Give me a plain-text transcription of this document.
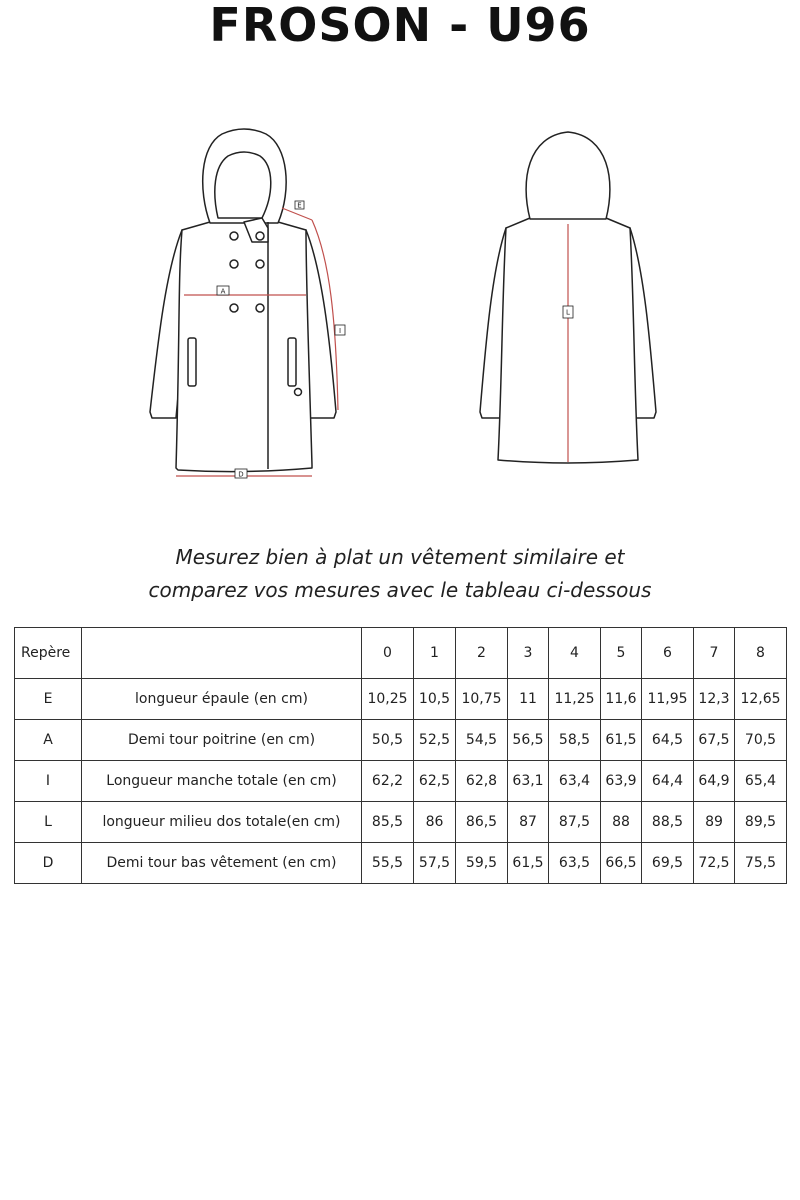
FROSON - U96
E
A
I
D
L
Mesurez bien à plat un vêtement similaire et
comparez vos mesures avec le tableau ci-dessous
Repère		0	1	2	3	4	5	6	7	8
E	longueur épaule (en cm)	10,25	10,5	10,75	11	11,25	11,6	11,95	12,3	12,65
A	Demi tour poitrine (en cm)	50,5	52,5	54,5	56,5	58,5	61,5	64,5	67,5	70,5
I	Longueur manche totale (en cm)	62,2	62,5	62,8	63,1	63,4	63,9	64,4	64,9	65,4
L	longueur milieu dos totale(en cm)	85,5	86	86,5	87	87,5	88	88,5	89	89,5
D	Demi tour bas vêtement (en cm)	55,5	57,5	59,5	61,5	63,5	66,5	69,5	72,5	75,5
